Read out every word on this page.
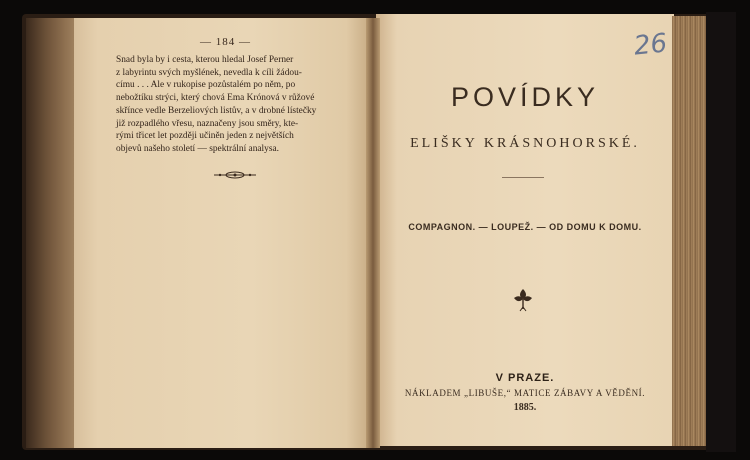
— 184 —
Snad byla by i cesta, kterou hledal Josef Perner
z labyrintu svých myšlének, nevedla k cíli žádou-
címu . . . Ale v rukopise pozůstalém po něm, po
nebožtíku strýci, který chová Ema Krónová v růžové
skřínce vedle Berzeliových listův, a v drobné lístečky
již rozpadlého vřesu, naznačeny jsou směry, kte-
rými třicet let později učiněn jeden z největších
objevů našeho století — spektrální analysa.
26
POVÍDKY
ELIŠKY KRÁSNOHORSKÉ.
COMPAGNON. — LOUPEŽ. — OD DOMU K DOMU.
V PRAZE.
NÁKLADEM „LIBUŠE,“ MATICE ZÁBAVY A VĚDĚNÍ.
1885.
